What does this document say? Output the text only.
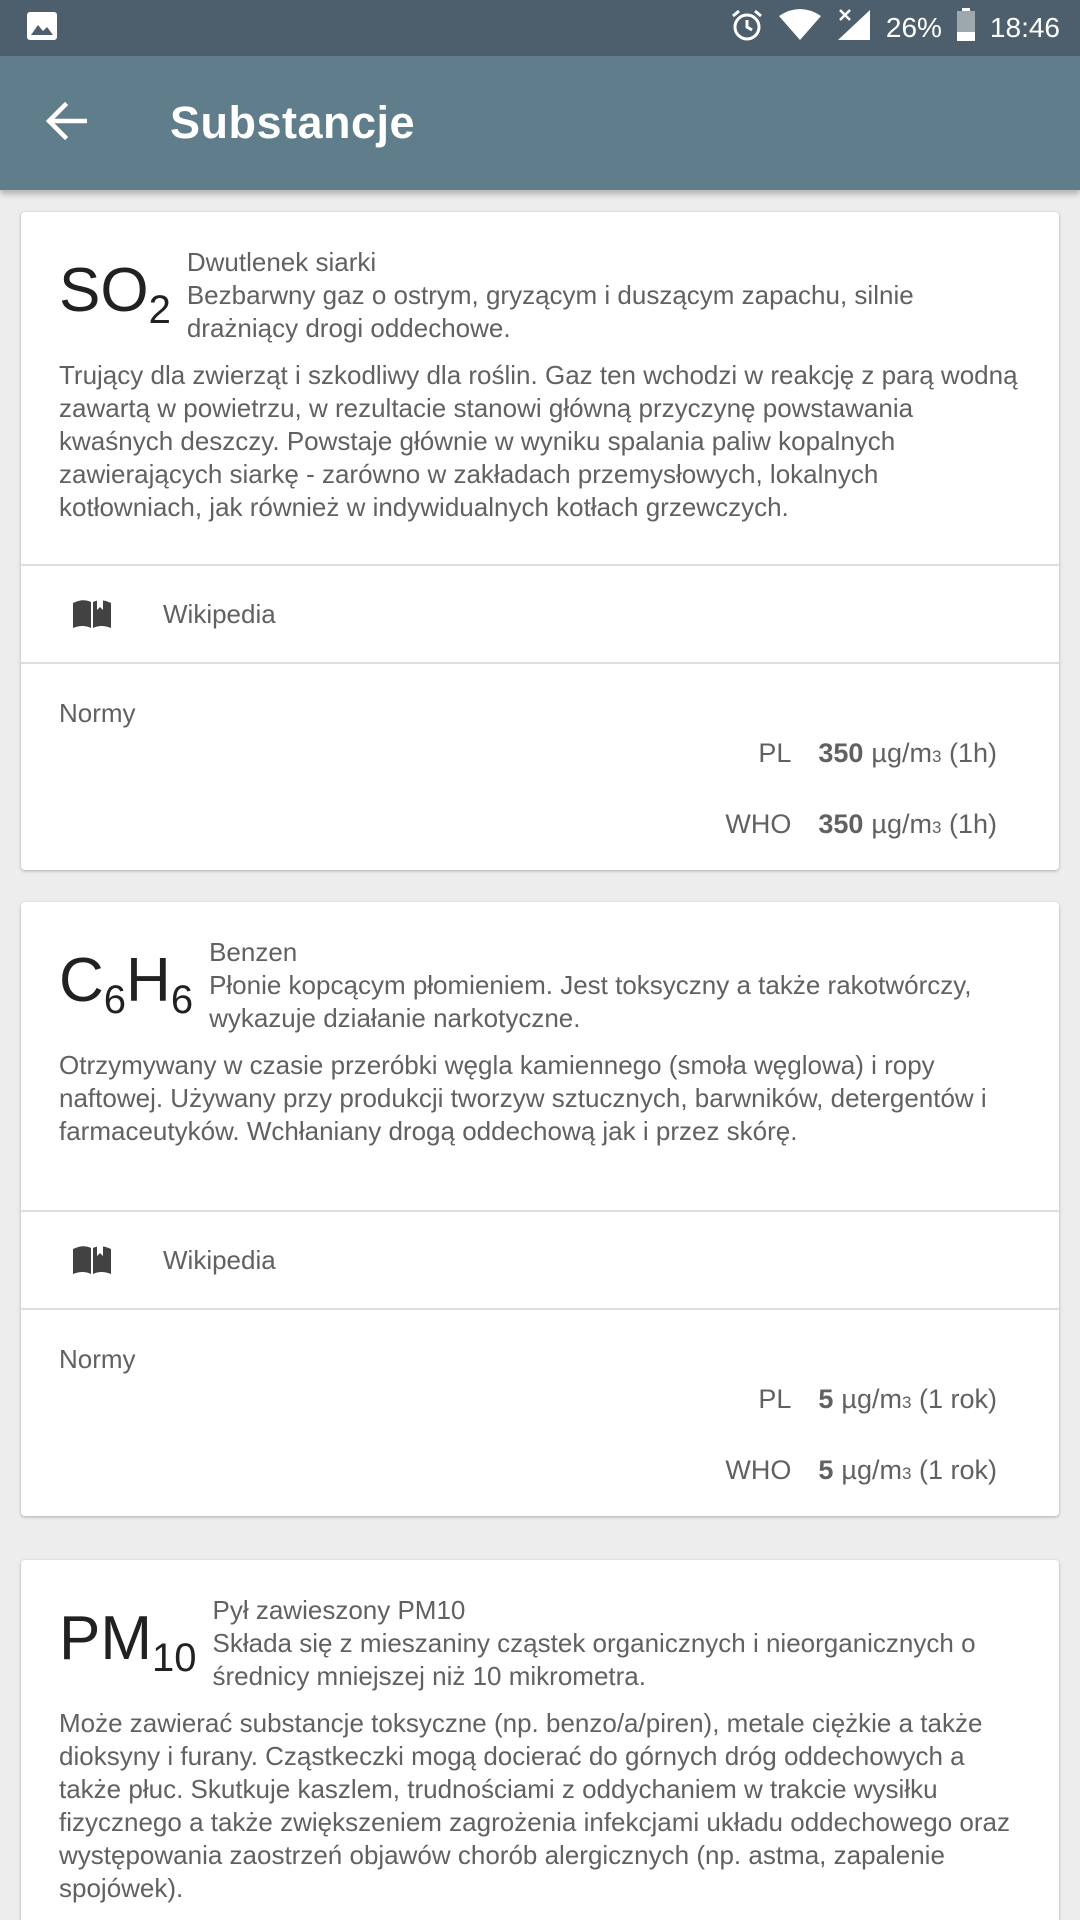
26% 18:46
Substancje
$SO_2$
Dwutlenek siarki
Bezbarwny gaz o ostrym, gryzącym i duszącym zapachu, silnie drażniący drogi oddechowe.
Trujący dla zwierząt i szkodliwy dla roślin. Gaz ten wchodzi w reakcję z parą wodną zawartą w powietrzu, w rezultacie stanowi główną przyczynę powstawania kwaśnych deszczy. Powstaje głównie w wyniku spalania paliw kopalnych zawierających siarkę - zarówno w zakładach przemysłowych, lokalnych kotłowniach, jak również w indywidualnych kotłach grzewczych.
Wikipedia
Normy
PL 350 µg/m 3
(1h)
WHO 350 µg/m 3
(1h)
$C_6H_6$
Benzen
Płonie kopcącym płomieniem. Jest toksyczny a także rakotwórczy, wykazuje działanie narkotyczne.
Otrzymywany w czasie przeróbki węgla kamiennego (smoła węglowa) i ropy naftowej. Używany przy produkcji tworzyw sztucznych, barwników, detergentów i farmaceutyków. Wchłaniany drogą oddechową jak i przez skórę.
Wikipedia
Normy
PL 5 µg/m 3
(1 rok)
WHO 5 µg/m 3
(1 rok)
$PM_{10}$
Pył zawieszony PM10
Składa się z mieszaniny cząstek organicznych i nieorganicznych o średnicy mniejszej niż 10 mikrometra.
Może zawierać substancje toksyczne (np. benzo/a/piren), metale ciężkie a także dioksyny i furany. Cząstkeczki mogą docierać do górnych dróg oddechowych a także płuc. Skutkuje kaszlem, trudnościami z oddychaniem w trakcie wysiłku fizycznego a także zwiększeniem zagrożenia infekcjami układu oddechowego oraz występowania zaostrzeń objawów chorób alergicznych (np. astma, zapalenie spojówek).
